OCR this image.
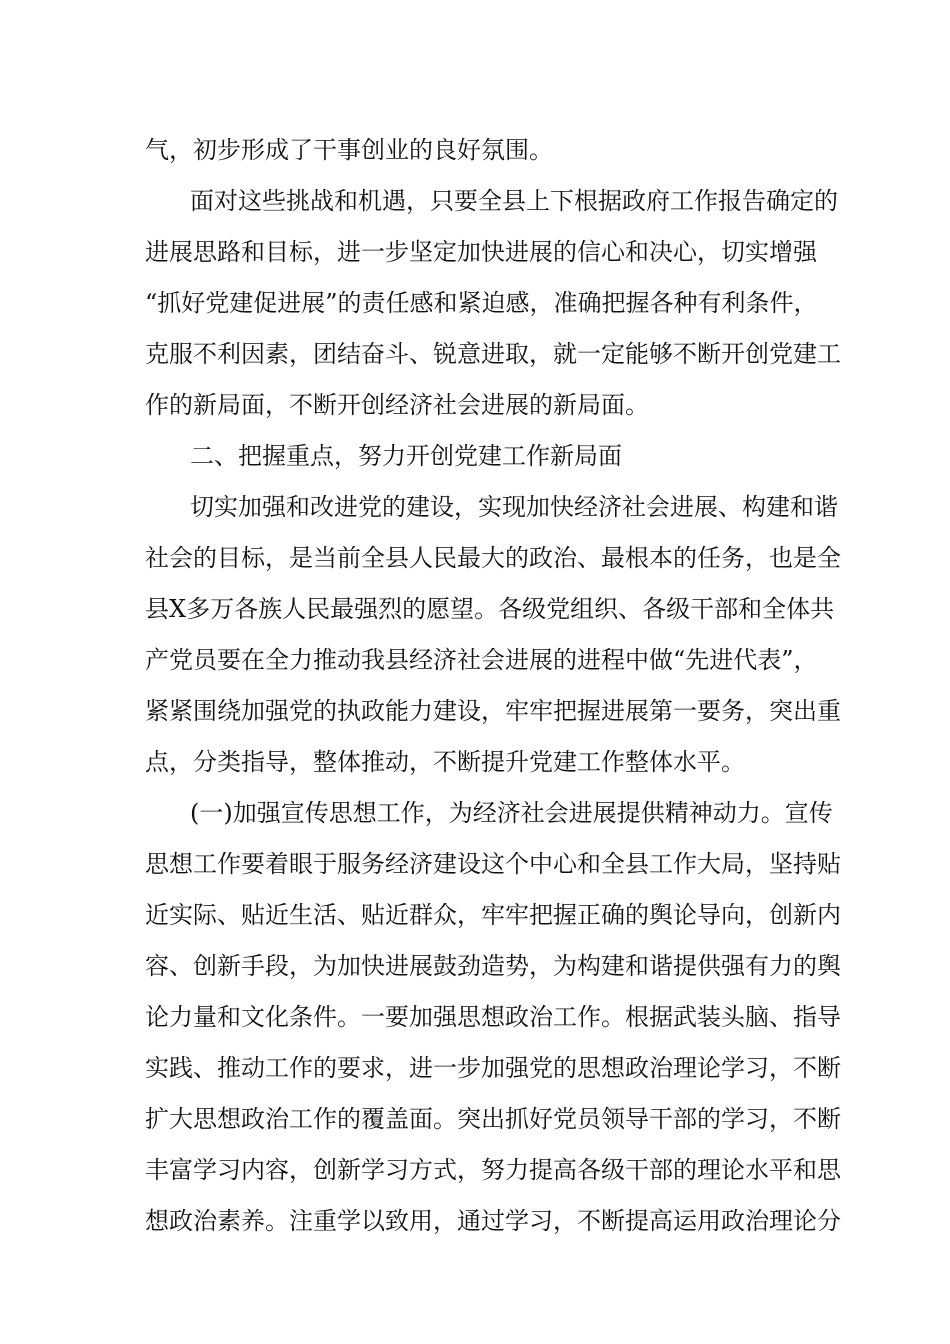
气，初步形成了干事创业的良好氛围。
面对这些挑战和机遇，只要全县上下根据政府工作报告确定的
进展思路和目标，进一步坚定加快进展的信心和决心，切实增强
“抓好党建促进展”的责任感和紧迫感，准确把握各种有利条件，
克服不利因素，团结奋斗、锐意进取，就一定能够不断开创党建工
作的新局面，不断开创经济社会进展的新局面。
二、把握重点，努力开创党建工作新局面
切实加强和改进党的建设，实现加快经济社会进展、构建和谐
社会的目标，是当前全县人民最大的政治、最根本的任务，也是全
县X多万各族人民最强烈的愿望。各级党组织、各级干部和全体共
产党员要在全力推动我县经济社会进展的进程中做“先进代表”，
紧紧围绕加强党的执政能力建设，牢牢把握进展第一要务，突出重
点，分类指导，整体推动，不断提升党建工作整体水平。
(一)加强宣传思想工作，为经济社会进展提供精神动力。宣传
思想工作要着眼于服务经济建设这个中心和全县工作大局，坚持贴
近实际、贴近生活、贴近群众，牢牢把握正确的舆论导向，创新内
容、创新手段，为加快进展鼓劲造势，为构建和谐提供强有力的舆
论力量和文化条件。一要加强思想政治工作。根据武装头脑、指导
实践、推动工作的要求，进一步加强党的思想政治理论学习，不断
扩大思想政治工作的覆盖面。突出抓好党员领导干部的学习，不断
丰富学习内容，创新学习方式，努力提高各级干部的理论水平和思
想政治素养。注重学以致用，通过学习，不断提高运用政治理论分
